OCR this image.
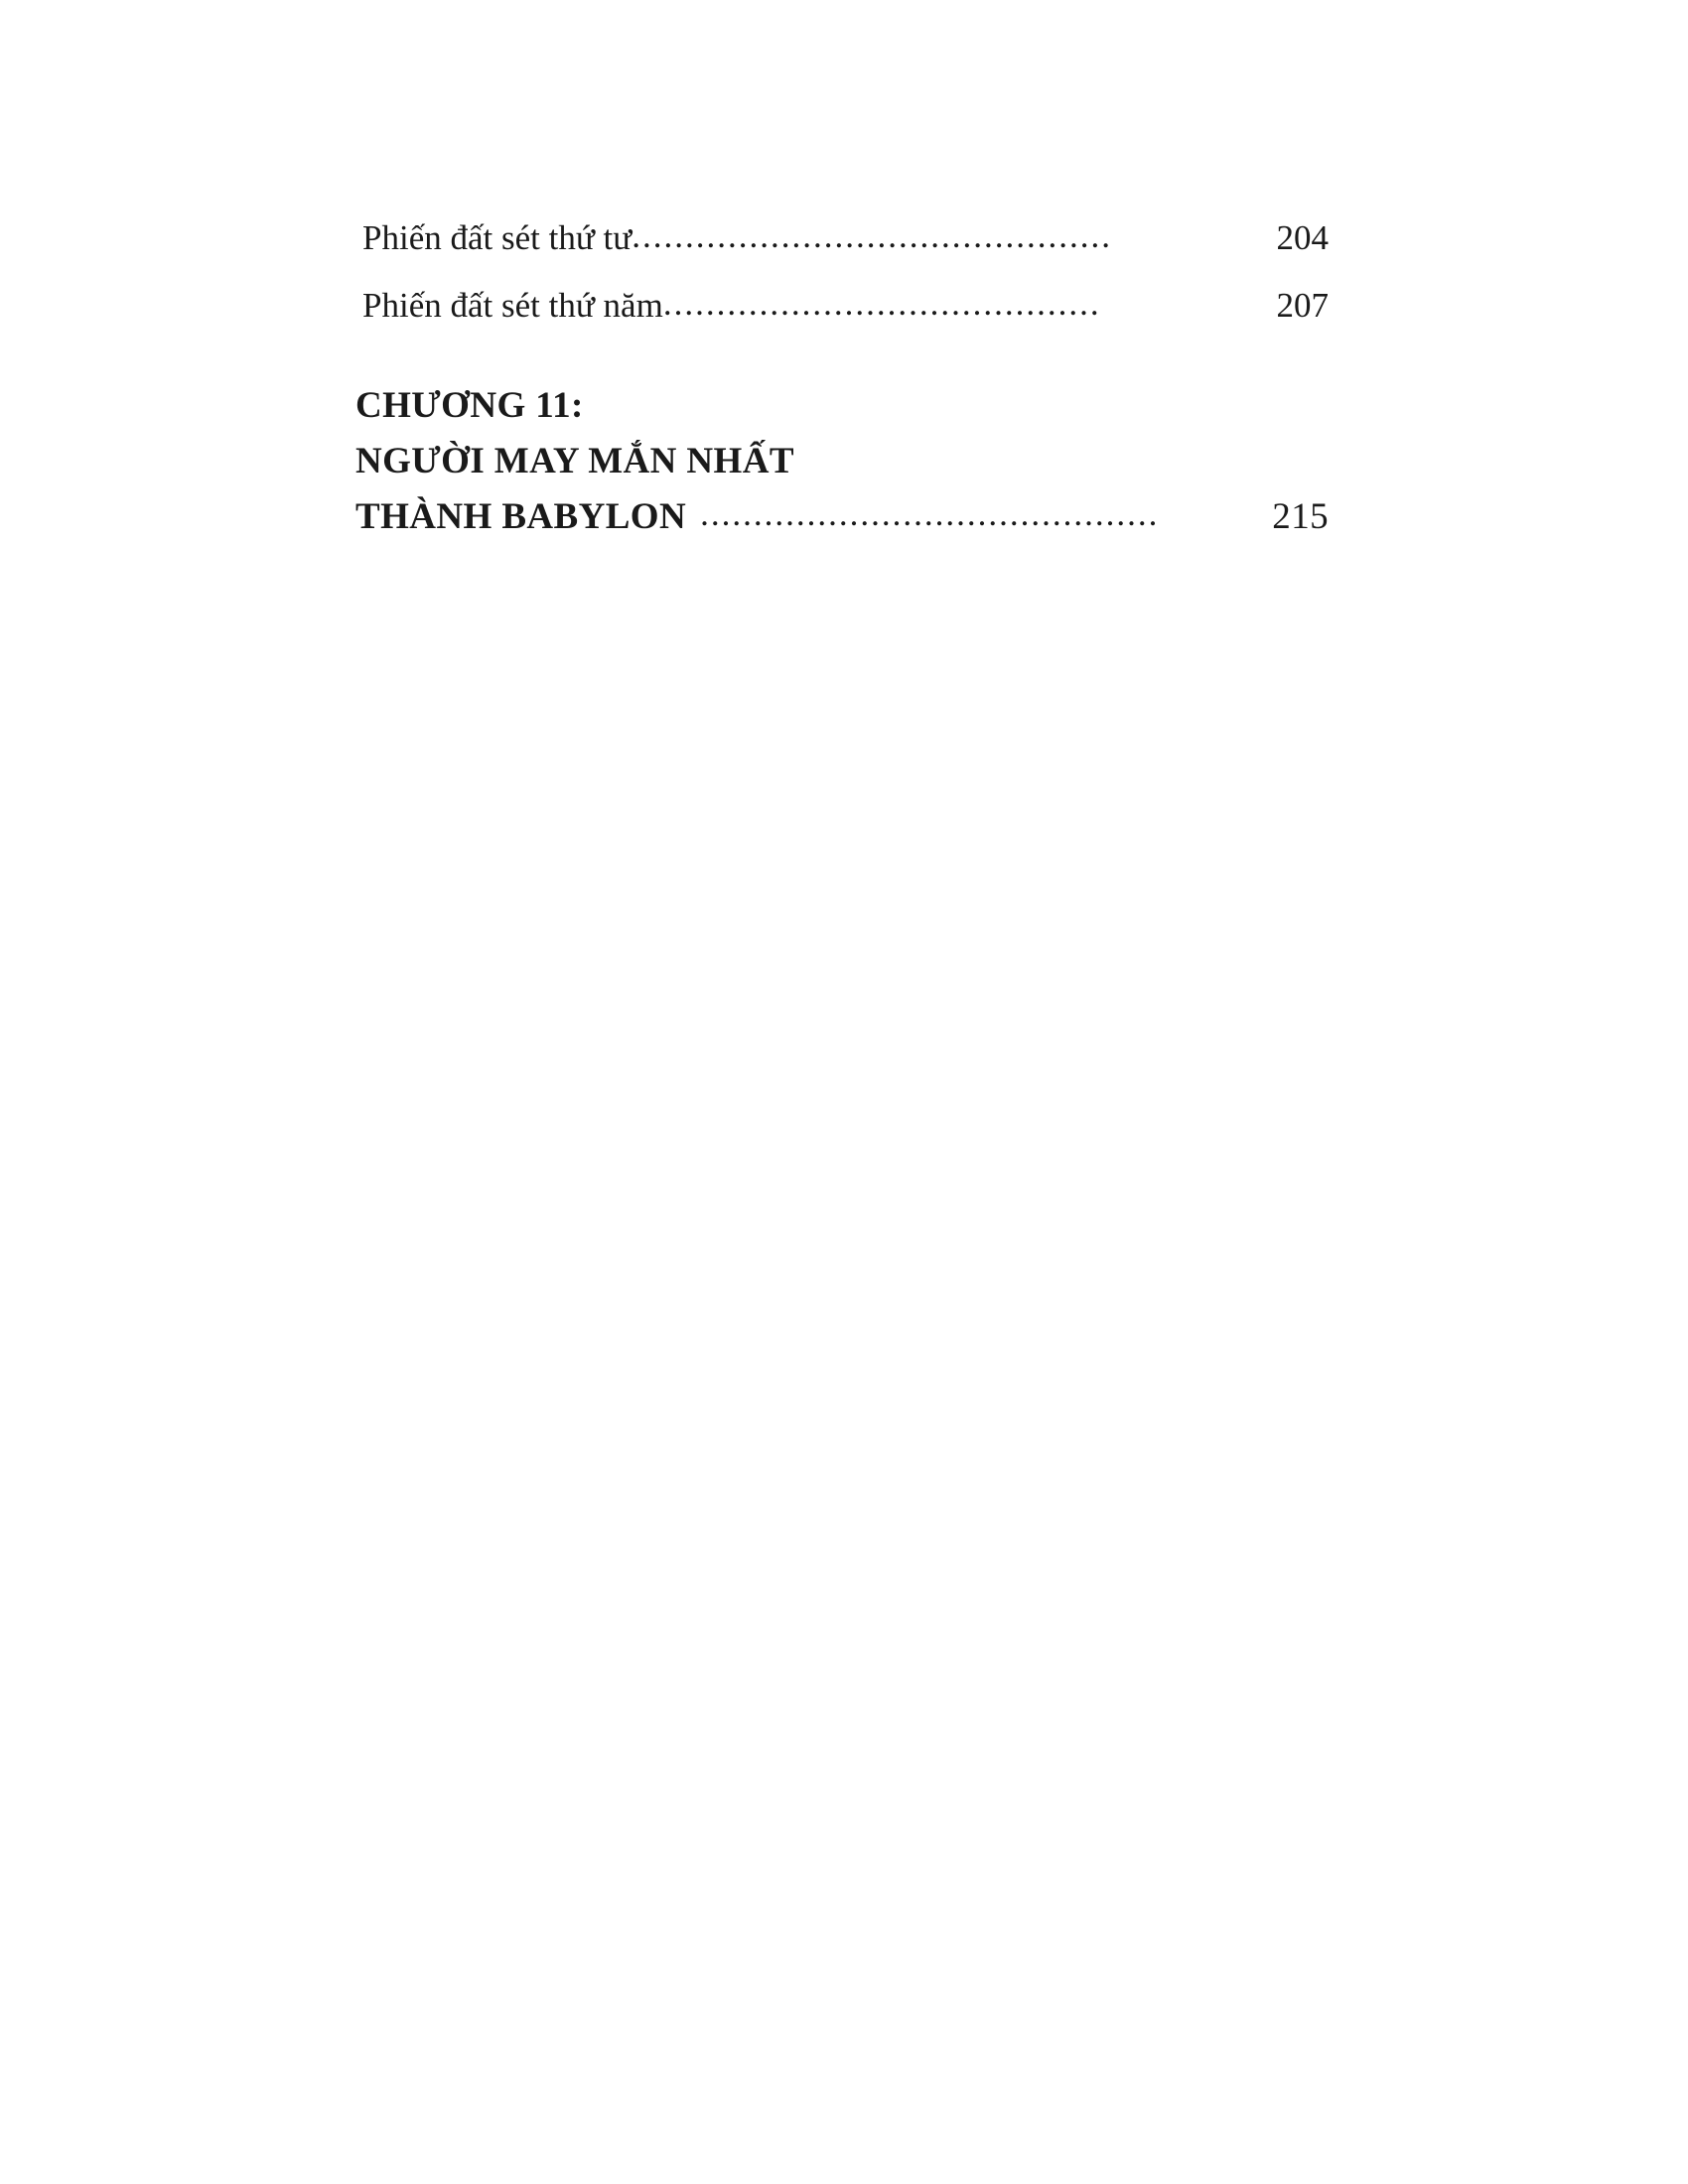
Phiến đất sét thứ tư .............................................	204
Phiến đất sét thứ năm .........................................	207
CHƯƠNG 11:
NGƯỜI MAY MẮN NHẤT
THÀNH BABYLON ...........................................	215
